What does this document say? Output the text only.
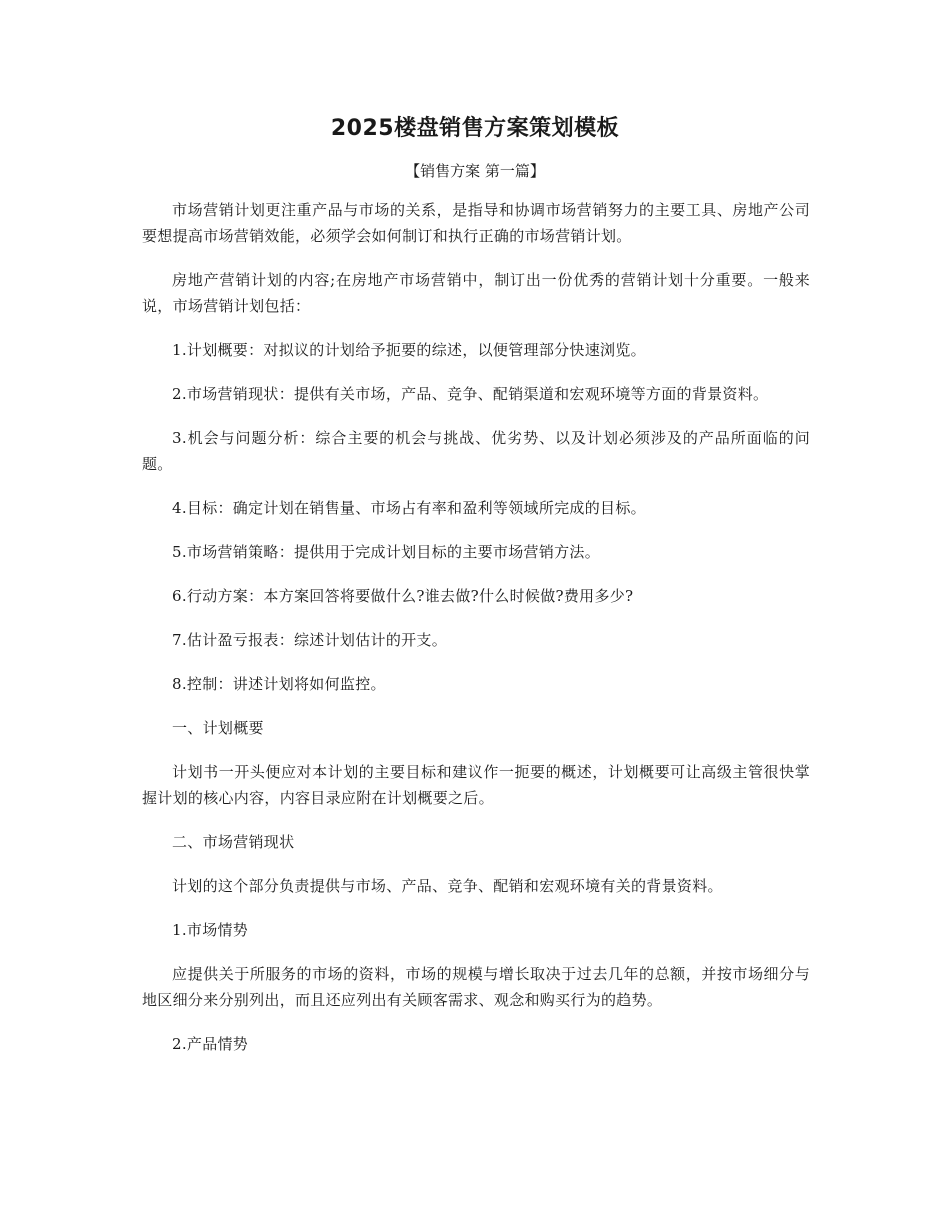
2025楼盘销售方案策划模板
【销售方案 第一篇】

市场营销计划更注重产品与市场的关系，是指导和协调市场营销努力的主要工具、房地产公司要想提高市场营销效能，必须学会如何制订和执行正确的市场营销计划。

房地产营销计划的内容;在房地产市场营销中，制订出一份优秀的营销计划十分重要。一般来说，市场营销计划包括：

1.计划概要：对拟议的计划给予扼要的综述，以便管理部分快速浏览。

2.市场营销现状：提供有关市场，产品、竞争、配销渠道和宏观环境等方面的背景资料。

3.机会与问题分析：综合主要的机会与挑战、优劣势、以及计划必须涉及的产品所面临的问题。

4.目标：确定计划在销售量、市场占有率和盈利等领域所完成的目标。

5.市场营销策略：提供用于完成计划目标的主要市场营销方法。

6.行动方案：本方案回答将要做什么?谁去做?什么时候做?费用多少?

7.估计盈亏报表：综述计划估计的开支。

8.控制：讲述计划将如何监控。

一、计划概要

计划书一开头便应对本计划的主要目标和建议作一扼要的概述，计划概要可让高级主管很快掌握计划的核心内容，内容目录应附在计划概要之后。

二、市场营销现状

计划的这个部分负责提供与市场、产品、竞争、配销和宏观环境有关的背景资料。

1.市场情势

应提供关于所服务的市场的资料，市场的规模与增长取决于过去几年的总额，并按市场细分与地区细分来分别列出，而且还应列出有关顾客需求、观念和购买行为的趋势。

2.产品情势
